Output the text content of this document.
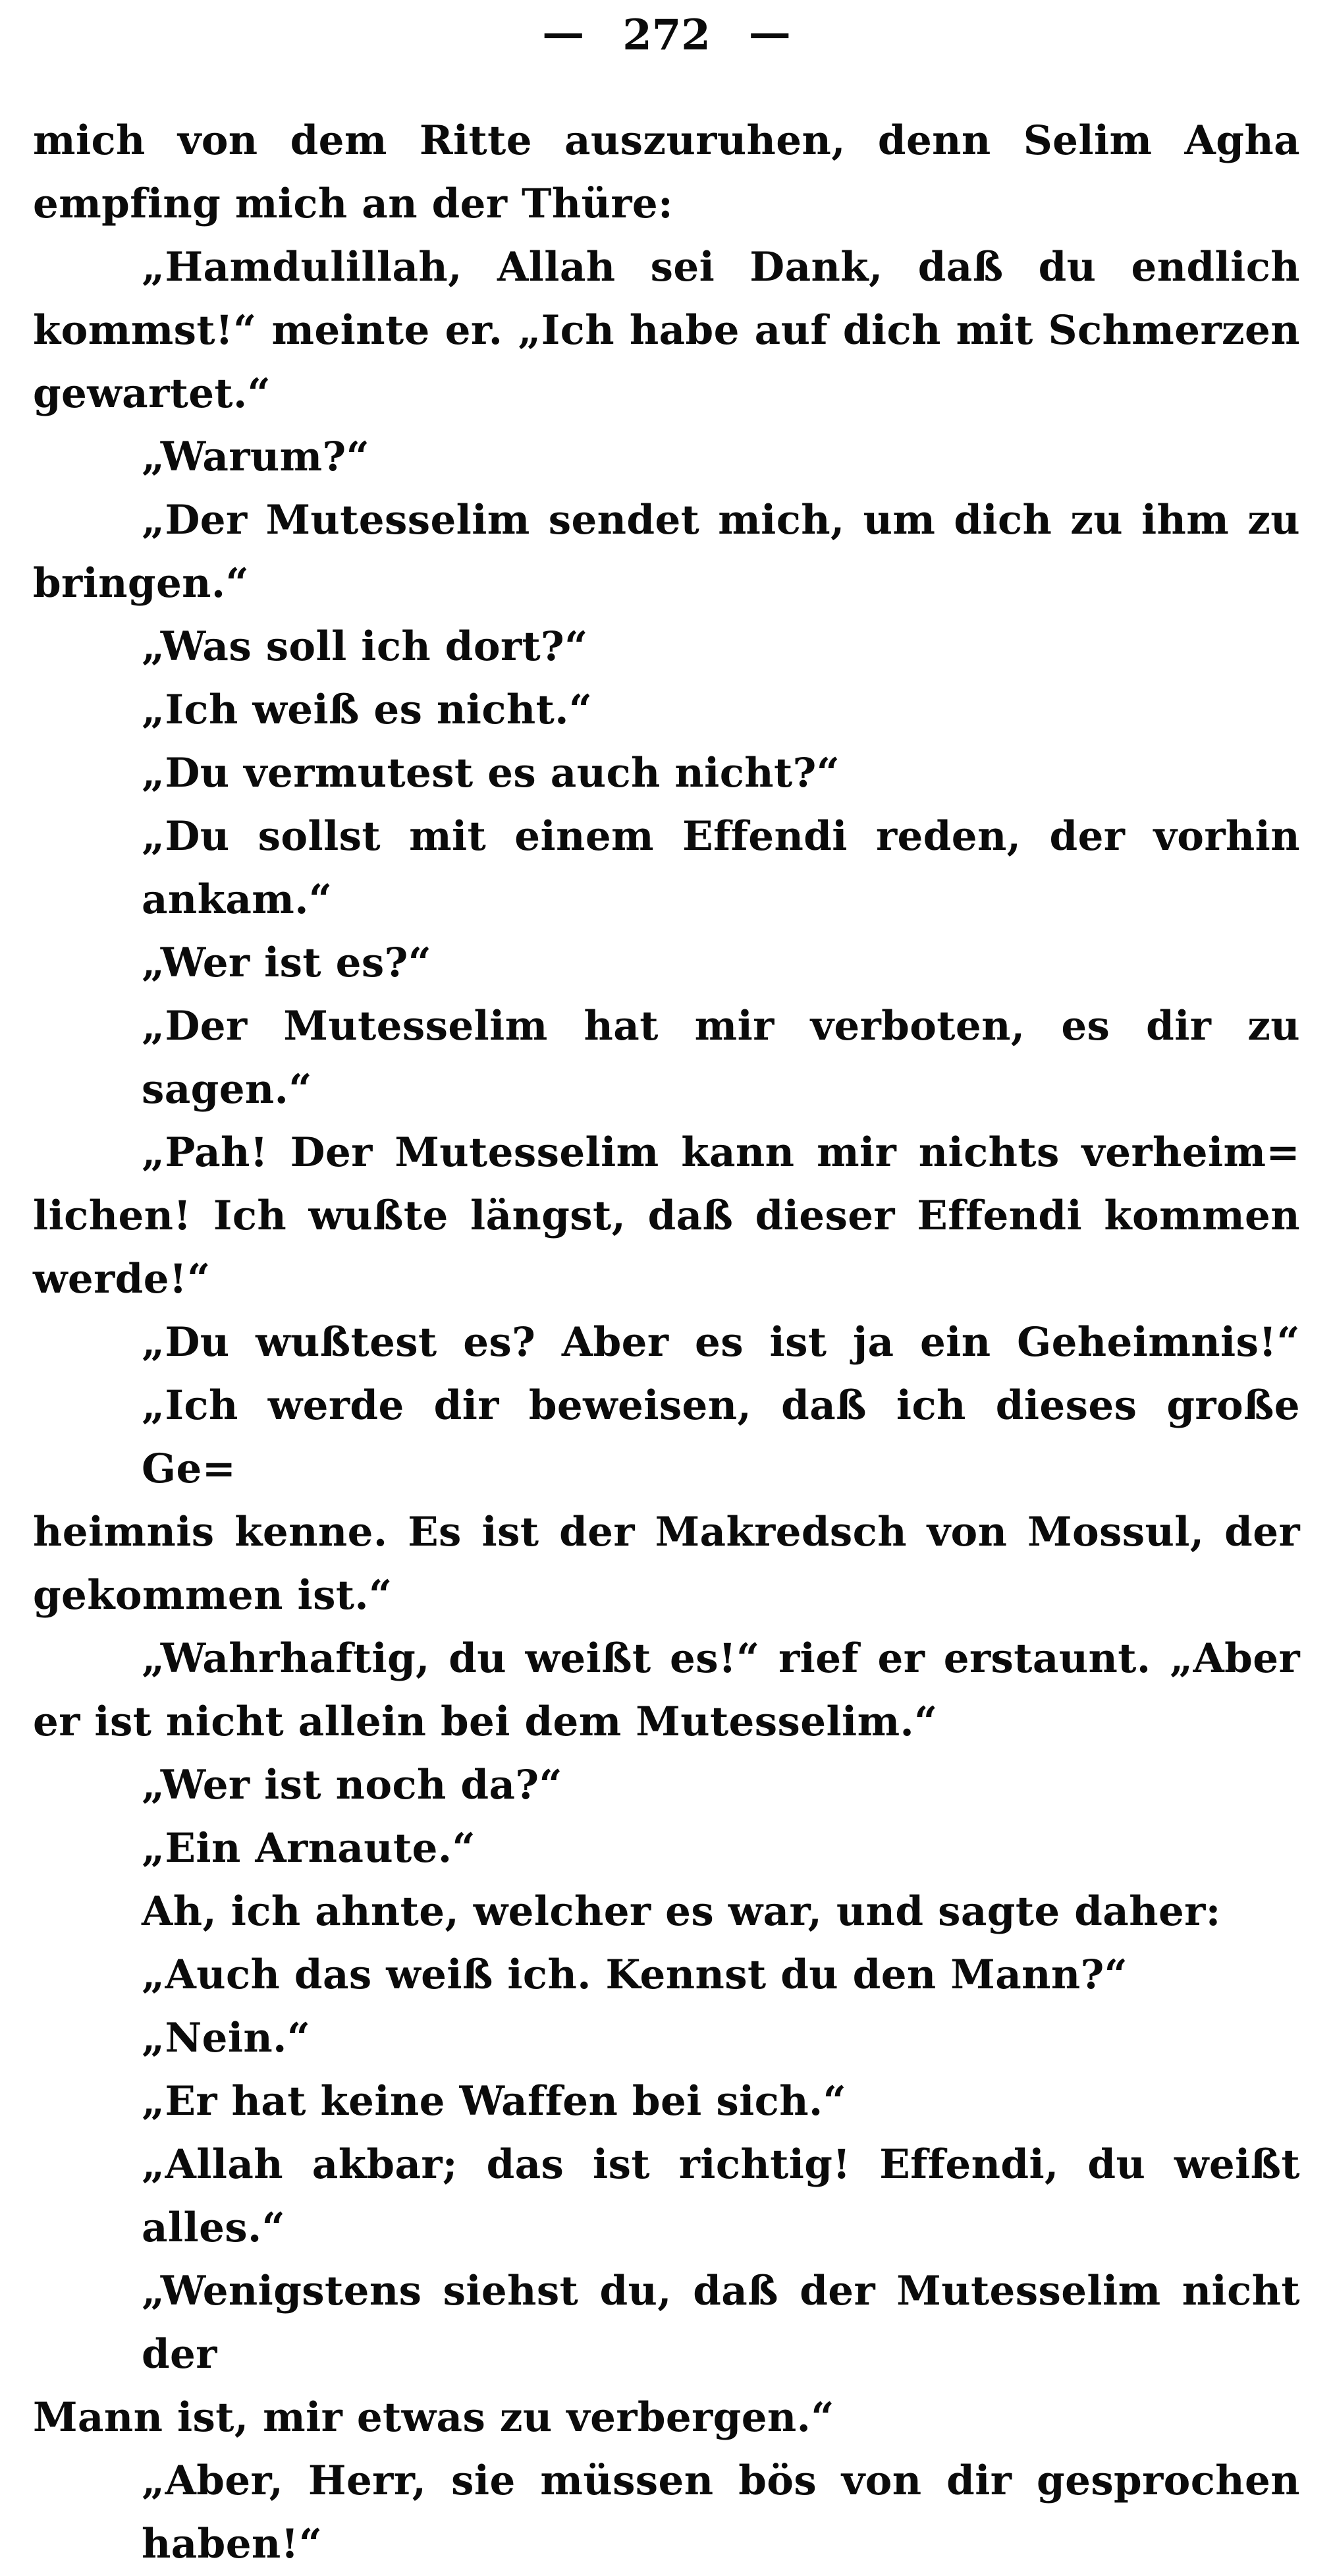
— 272 —
mich von dem Ritte auszuruhen, denn Selim Agha
empfing mich an der Thüre:
„Hamdulillah, Allah sei Dank, daß du endlich
kommst!“ meinte er. „Ich habe auf dich mit Schmerzen
gewartet.“
„Warum?“
„Der Mutesselim sendet mich, um dich zu ihm zu
bringen.“
„Was soll ich dort?“
„Ich weiß es nicht.“
„Du vermutest es auch nicht?“
„Du sollst mit einem Effendi reden, der vorhin ankam.“
„Wer ist es?“
„Der Mutesselim hat mir verboten, es dir zu sagen.“
„Pah! Der Mutesselim kann mir nichts verheim=
lichen! Ich wußte längst, daß dieser Effendi kommen
werde!“
„Du wußtest es? Aber es ist ja ein Geheimnis!“
„Ich werde dir beweisen, daß ich dieses große Ge=
heimnis kenne. Es ist der Makredsch von Mossul, der
gekommen ist.“
„Wahrhaftig, du weißt es!“ rief er erstaunt. „Aber
er ist nicht allein bei dem Mutesselim.“
„Wer ist noch da?“
„Ein Arnaute.“
Ah, ich ahnte, welcher es war, und sagte daher:
„Auch das weiß ich. Kennst du den Mann?“
„Nein.“
„Er hat keine Waffen bei sich.“
„Allah akbar; das ist richtig! Effendi, du weißt alles.“
„Wenigstens siehst du, daß der Mutesselim nicht der
Mann ist, mir etwas zu verbergen.“
„Aber, Herr, sie müssen bös von dir gesprochen haben!“
